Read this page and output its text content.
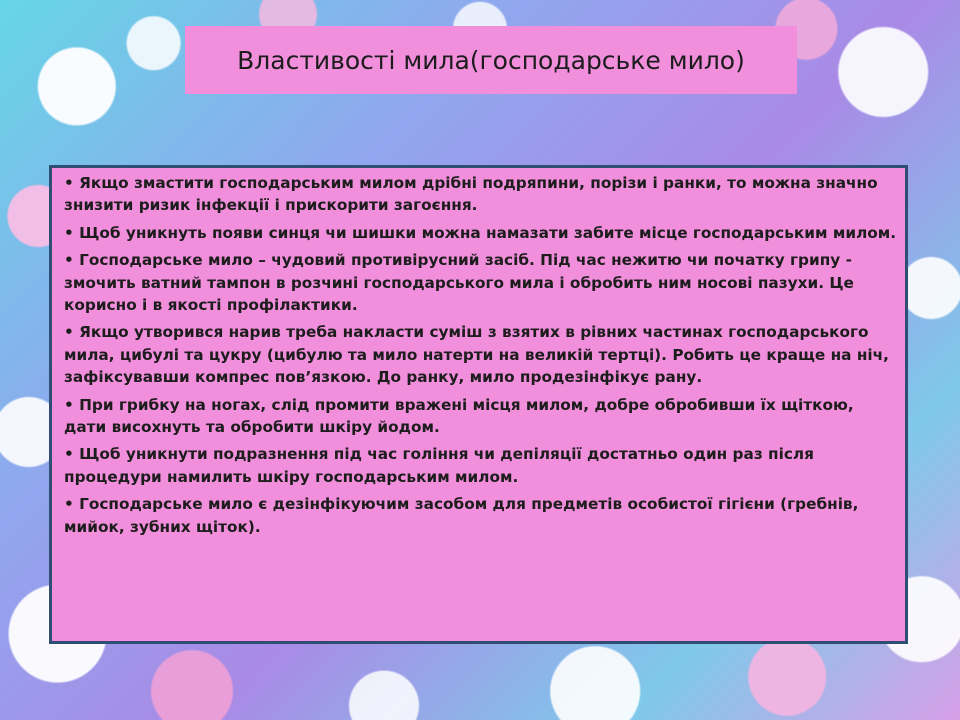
Властивості мила(господарське мило)
• Якщо змастити господарським милом дрібні подряпини, порізи і ранки, то можна значно знизити ризик інфекції і прискорити загоєння.
• Щоб уникнуть появи синця чи шишки можна намазати забите місце господарським милом.
• Господарське мило – чудовий противірусний засіб. Під час нежитю чи початку грипу - змочить ватний тампон в розчині господарського мила і обробить ним носові пазухи. Це корисно і в якості профілактики.
• Якщо утворився нарив треба накласти суміш з взятих в рівних частинах господарського мила, цибулі та цукру (цибулю та мило натерти на великій тертці). Робить це краще на ніч, зафіксувавши компрес пов’язкою. До ранку, мило продезінфікує рану.
• При грибку на ногах, слід промити вражені місця милом, добре обробивши їх щіткою, дати висохнуть та обробити шкіру йодом.
• Щоб уникнути подразнення під час гоління чи депіляції достатньо один раз після процедури намилить шкіру господарським милом.
• Господарське мило є дезінфікуючим засобом для предметів особистої гігієни (гребнів, мийок, зубних щіток).
